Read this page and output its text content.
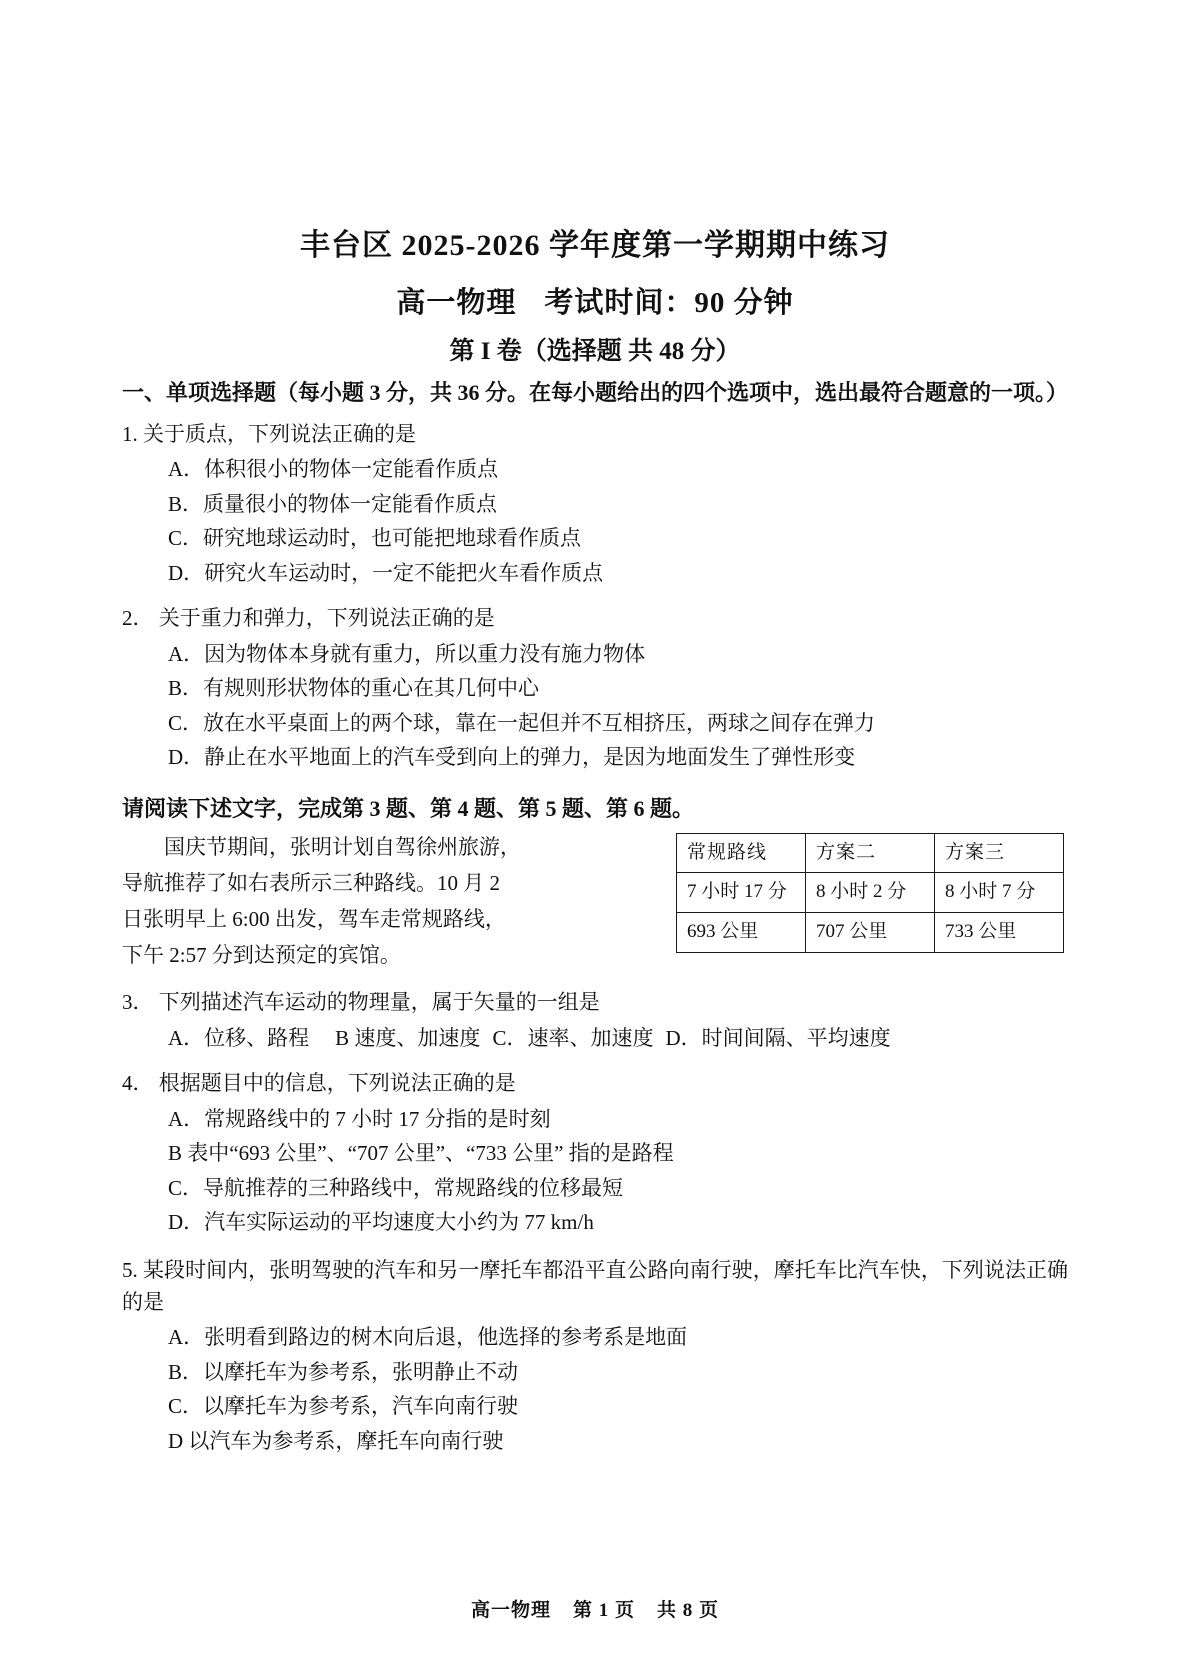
丰台区 2025-2026 学年度第一学期期中练习
高一物理 考试时间：90 分钟
第 I 卷（选择题 共 48 分）
一、单项选择题（每小题 3 分，共 36 分。在每小题给出的四个选项中，选出最符合题意的一项。）
1. 关于质点，下列说法正确的是
A．体积很小的物体一定能看作质点
B．质量很小的物体一定能看作质点
C．研究地球运动时，也可能把地球看作质点
D．研究火车运动时，一定不能把火车看作质点
2． 关于重力和弹力，下列说法正确的是
A．因为物体本身就有重力，所以重力没有施力物体
B．有规则形状物体的重心在其几何中心
C．放在水平桌面上的两个球，靠在一起但并不互相挤压，两球之间存在弹力
D．静止在水平地面上的汽车受到向上的弹力，是因为地面发生了弹性形变
请阅读下述文字，完成第 3 题、第 4 题、第 5 题、第 6 题。
国庆节期间，张明计划自驾徐州旅游，
导航推荐了如右表所示三种路线。10 月 2
日张明早上 6:00 出发，驾车走常规路线，
下午 2:57 分到达预定的宾馆。
常规路线	方案二	方案三
7 小时 17 分	8 小时 2 分	8 小时 7 分
693 公里	707 公里	733 公里
3． 下列描述汽车运动的物理量，属于矢量的一组是
A．位移、路程 B 速度、加速度 C．速率、加速度 D．时间间隔、平均速度
4． 根据题目中的信息，下列说法正确的是
A．常规路线中的 7 小时 17 分指的是时刻
B 表中“693 公里”、“707 公里”、“733 公里” 指的是路程
C．导航推荐的三种路线中，常规路线的位移最短
D．汽车实际运动的平均速度大小约为 77 km/h
5. 某段时间内，张明驾驶的汽车和另一摩托车都沿平直公路向南行驶，摩托车比汽车快，下列说法正确的是
A．张明看到路边的树木向后退，他选择的参考系是地面
B．以摩托车为参考系，张明静止不动
C．以摩托车为参考系，汽车向南行驶
D 以汽车为参考系，摩托车向南行驶
高一物理 第 1 页 共 8 页
